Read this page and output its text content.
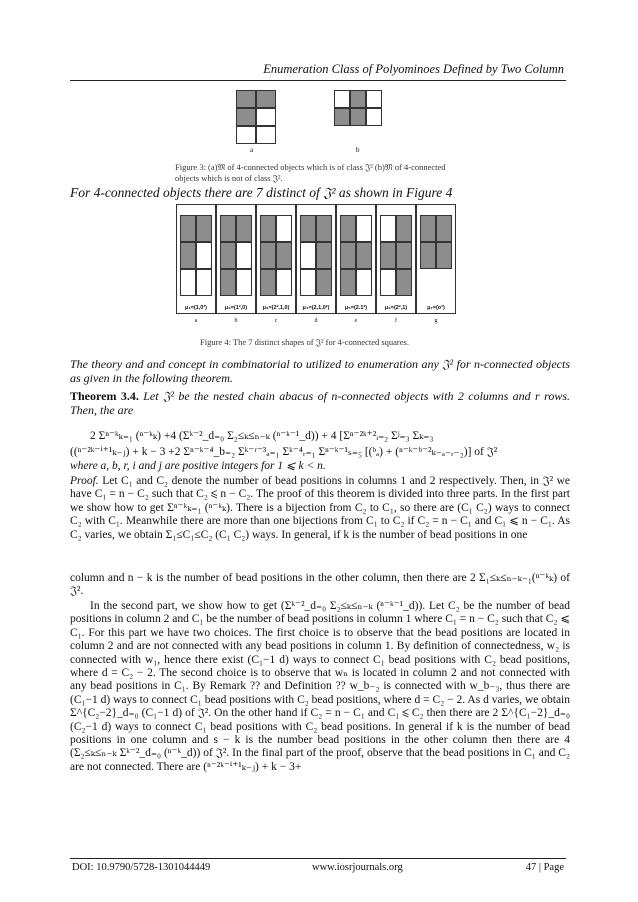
Enumeration Class of Polyominoes Defined by Two Column
a	b
Figure 3: (a)𝔐 of 4-connected objects which is of class 𝔍² (b)𝔐 of 4-connected objects which is not of class 𝔍².
For 4-connected objects there are 7 distinct of 𝔍² as shown in Figure 4
μ₁=(1,0³)
a
μ₂=(1²,0)
b
μ₃=(2²,1,0)
c
μ₄=(2,1,0²)
d
μ₅=(2.1²)
e
μ₆=(2²,1)
f
μ₇=(o³)
g
Figure 4: The 7 distinct shapes of 𝔍² for 4-connected squares.
The theory and and concept in combinatorial to utilized to enumeration any 𝔍² for n-connected objects as given in the following theorem.
Theorem 3.4. Let 𝔍² be the nested chain abacus of n-connected objects with 2 columns and r rows. Then, the are
2 Σⁿ⁻ᵏₖ₌₁ (ⁿ⁻ᵏₖ) +4 (Σᵏ⁻²_d₌₀ Σ₂≤ₖ≤ₙ₋ₖ (ⁿ⁻ᵏ⁻¹_d)) + 4 [Σⁿ⁻²ᵏ⁺²ᵢ₌₂ Σʲ₌₃ Σₖ₌₃
((ⁿ⁻²ᵏ⁻ⁱ⁺¹ₖ₋ⱼ) + k − 3 +2 Σⁿ⁻ᵏ⁻⁴_b₌₂ Σᵏ⁻ʳ⁻³ₐ₌₁ Σᵏ⁻⁴ᵣ₌₁ Σⁿ⁻ᵏ⁻¹ₛ₌₅ [(ᵇₐ) + (ⁿ⁻ᵏ⁻ᵇ⁻²ₖ₋ₐ₋ᵣ₋₂)] of 𝔍²
where a, b, r, i and j are positive integers for 1 ⩽ k < n.
Proof. Let C₁ and C₂ denote the number of bead positions in columns 1 and 2 respectively. Then, in 𝔍² we have C₁ = n − C₂ such that C₂ ⩽ n − C₂. The proof of this theorem is divided into three parts. In the first part we show how to get Σⁿ⁻ᵏₖ₌₁ (ⁿ⁻ᵏₖ). There is a bijection from C₂ to C₁, so there are (C₁ C₂) ways to connect C₂ with C₁. Meanwhile there are more than one bijections from C₁ to C₂ if C₂ = n − C₁ and C₁ ⩽ n − C₁. As C₂ varies, we obtain Σ₁≤C₁≤C₂ (C₁ C₂) ways. In general, if k is the number of bead positions in one
column and n − k is the number of bead positions in the other column, then there are 2 Σ₁≤ₖ≤ₙ₋ₖ₋₁(ⁿ⁻ᵏₖ) of 𝔍².
In the second part, we show how to get (Σᵏ⁻²_d₌₀ Σ₂≤ₖ≤ₙ₋ₖ (ⁿ⁻ᵏ⁻¹_d)). Let C₂ be the number of bead positions in column 2 and C₁ be the number of bead positions in column 1 where C₁ = n − C₂ such that C₂ ⩽ C₁. For this part we have two choices. The first choice is to observe that the bead positions are located in column 2 and are not connected with any bead positions in column 1. By definition of connectedness, w₂ is connected with w₁, hence there exist (C₁−1 d) ways to connect C₁ bead positions with C₂ bead positions, where d = C₂ − 2. The second choice is to observe that wₙ is located in column 2 and not connected with any bead positions in C₁. By Remark ?? and Definition ?? w_b₋₂ is connected with w_b₋₃, thus there are (C₁−1 d) ways to connect C₁ bead positions with C₂ bead positions, where d = C₂ − 2. As d varies, we obtain Σ^{C₂−2}_d₌₀ (C₁−1 d) of 𝔍². On the other hand if C₂ = n − C₁ and C₁ ⩽ C₂ then there are 2 Σ^{C₁−2}_d₌₀ (C₂−1 d) ways to connect C₁ bead positions with C₂ bead positions. In general if k is the number of bead positions in one column and s − k is the number bead positions in the other column then there are 4 (Σ₂≤ₖ≤ₙ₋ₖ Σᵏ⁻²_d₌₀ (ⁿ⁻ᵏ_d)) of 𝔍². In the final part of the proof, observe that the bead positions in C₁ and C₂ are not connected. There are (ⁿ⁻²ᵏ⁻ⁱ⁺¹ₖ₋ⱼ) + k − 3+
DOI: 10.9790/5728-1301044449	www.iosrjournals.org	47 | Page
